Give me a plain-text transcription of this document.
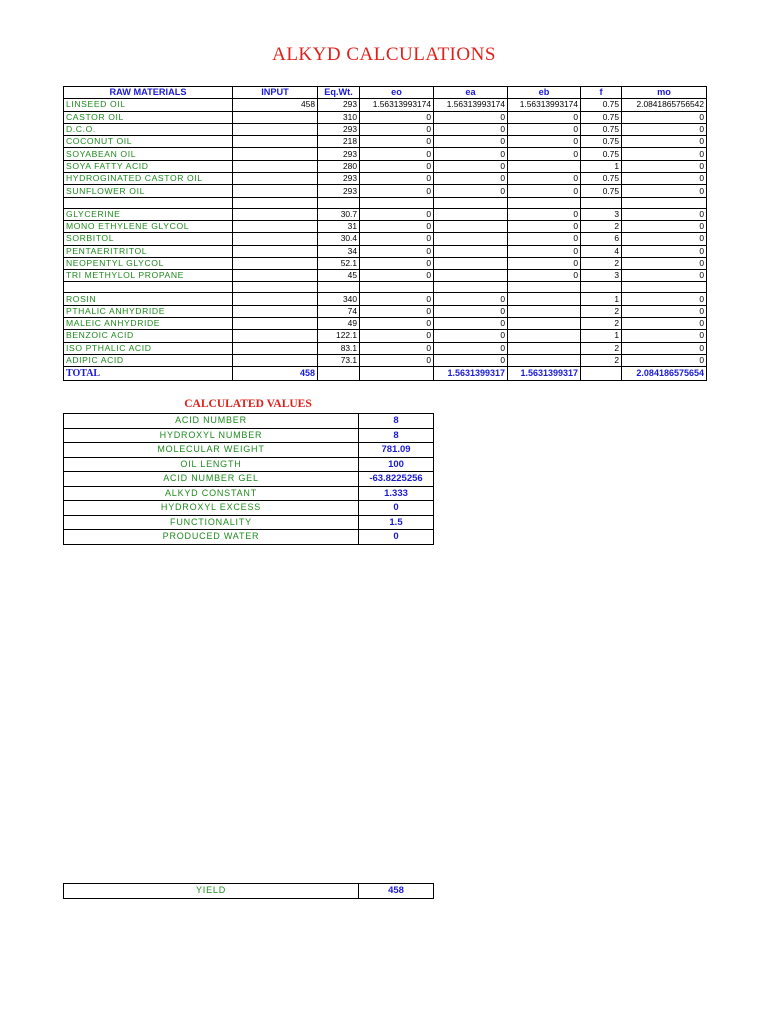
ALKYD CALCULATIONS
RAW MATERIALS	INPUT	Eq.Wt.	eo	ea	eb	f	mo
LINSEED OIL	458	293	1.56313993174	1.56313993174	1.56313993174	0.75	2.0841865756542
CASTOR OIL		310	0	0	0	0.75	0
D.C.O.		293	0	0	0	0.75	0
COCONUT OIL		218	0	0	0	0.75	0
SOYABEAN OIL		293	0	0	0	0.75	0
SOYA FATTY ACID		280	0	0		1	0
HYDROGINATED CASTOR OIL		293	0	0	0	0.75	0
SUNFLOWER OIL		293	0	0	0	0.75	0

GLYCERINE		30.7	0		0	3	0
MONO ETHYLENE GLYCOL		31	0		0	2	0
SORBITOL		30.4	0		0	6	0
PENTAERITRITOL		34	0		0	4	0
NEOPENTYL GLYCOL		52.1	0		0	2	0
TRI METHYLOL PROPANE		45	0		0	3	0

ROSIN		340	0	0		1	0
PTHALIC ANHYDRIDE		74	0	0		2	0
MALEIC ANHYDRIDE		49	0	0		2	0
BENZOIC ACID		122.1	0	0		1	0
ISO PTHALIC ACID		83.1	0	0		2	0
ADIPIC ACID		73.1	0	0		2	0
TOTAL	458			1.5631399317	1.5631399317		2.084186575654
CALCULATED VALUES
ACID NUMBER	8
HYDROXYL NUMBER	8
MOLECULAR WEIGHT	781.09
OIL LENGTH	100
ACID NUMBER GEL	-63.8225256
ALKYD CONSTANT	1.333
HYDROXYL EXCESS	0
FUNCTIONALITY	1.5
PRODUCED WATER	0
YIELD	458
